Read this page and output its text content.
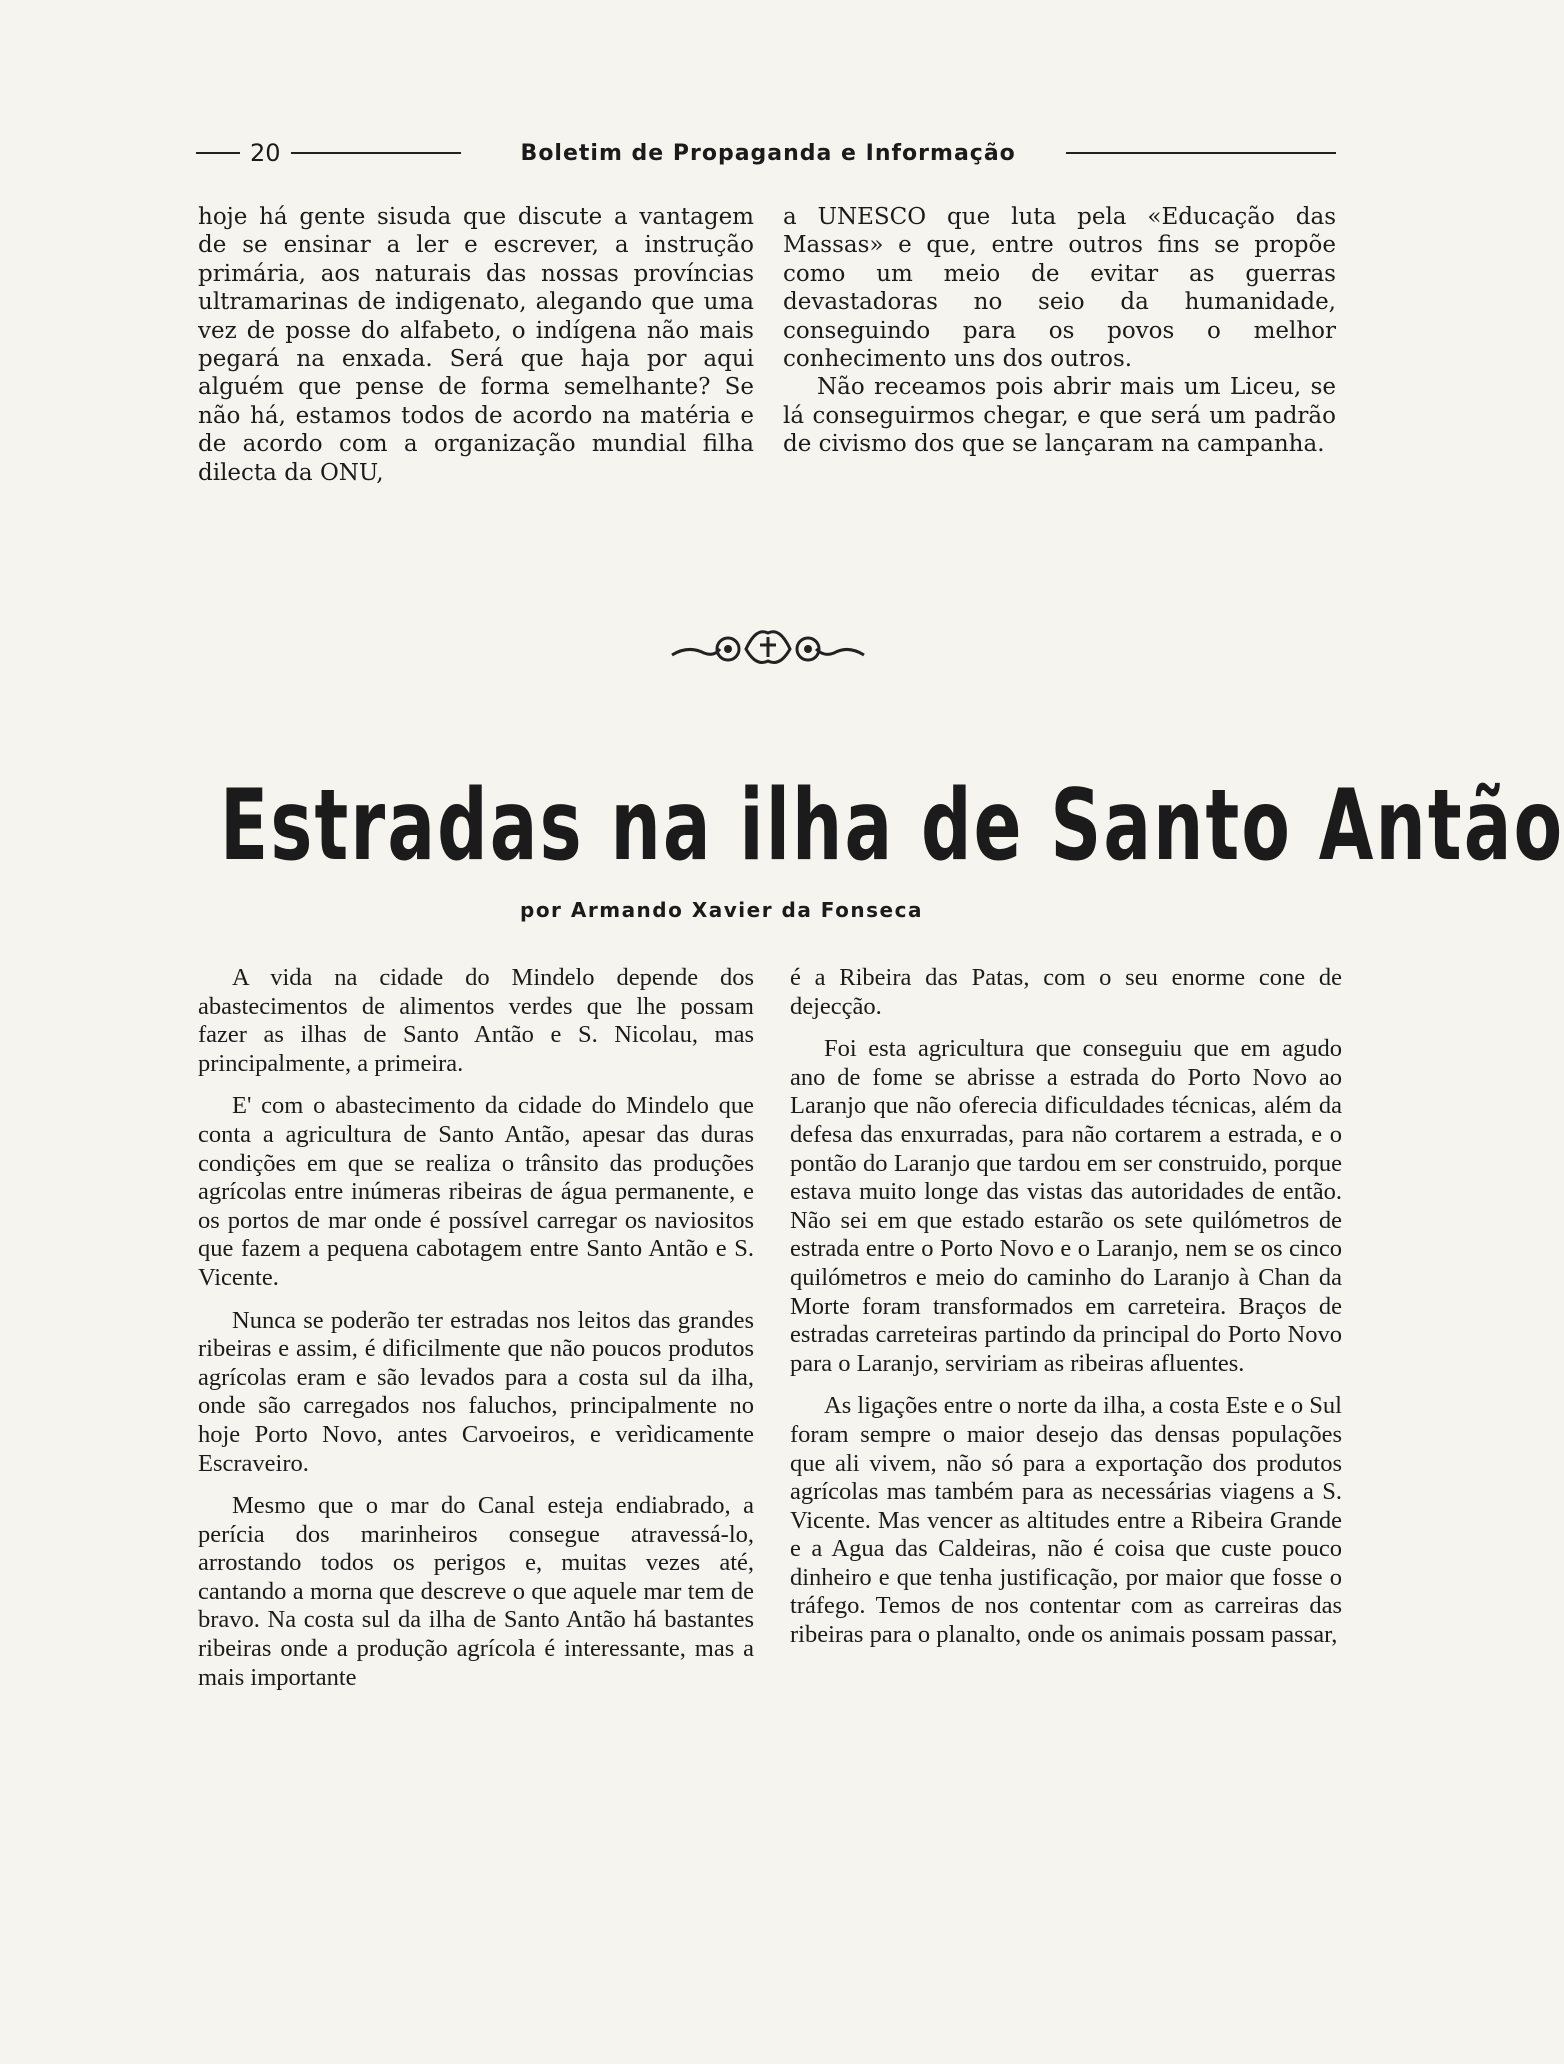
20	Boletim de Propaganda e Informação

hoje há gente sisuda que discute a vantagem de se ensinar a ler e escrever, a instrução primária, aos naturais das nossas províncias ultramarinas de indigenato, alegando que uma vez de posse do alfabeto, o indígena não mais pegará na enxada. Será que haja por aqui alguém que pense de forma semelhante? Se não há, estamos todos de acordo na matéria e de acordo com a organização mundial filha dilecta da ONU,

a UNESCO que luta pela «Educação das Massas» e que, entre outros fins se propõe como um meio de evitar as guerras devastadoras no seio da humanidade, conseguindo para os povos o melhor conhecimento uns dos outros.

Não receamos pois abrir mais um Liceu, se lá conseguirmos chegar, e que será um padrão de civismo dos que se lançaram na campanha.

Estradas na ilha de Santo Antão
por Armando Xavier da Fonseca

A vida na cidade do Mindelo depende dos abastecimentos de alimentos verdes que lhe possam fazer as ilhas de Santo Antão e S. Nicolau, mas principalmente, a primeira.

E' com o abastecimento da cidade do Mindelo que conta a agricultura de Santo Antão, apesar das duras condições em que se realiza o trânsito das produções agrícolas entre inúmeras ribeiras de água permanente, e os portos de mar onde é possível carregar os naviositos que fazem a pequena cabotagem entre Santo Antão e S. Vicente.

Nunca se poderão ter estradas nos leitos das grandes ribeiras e assim, é dificilmente que não poucos produtos agrícolas eram e são levados para a costa sul da ilha, onde são carregados nos faluchos, principalmente no hoje Porto Novo, antes Carvoeiros, e verìdicamente Escraveiro.

Mesmo que o mar do Canal esteja endiabrado, a perícia dos marinheiros consegue atravessá-lo, arrostando todos os perigos e, muitas vezes até, cantando a morna que descreve o que aquele mar tem de bravo. Na costa sul da ilha de Santo Antão há bastantes ribeiras onde a produção agrícola é interessante, mas a mais importante

é a Ribeira das Patas, com o seu enorme cone de dejecção.

Foi esta agricultura que conseguiu que em agudo ano de fome se abrisse a estrada do Porto Novo ao Laranjo que não oferecia dificuldades técnicas, além da defesa das enxurradas, para não cortarem a estrada, e o pontão do Laranjo que tardou em ser construido, porque estava muito longe das vistas das autoridades de então. Não sei em que estado estarão os sete quilómetros de estrada entre o Porto Novo e o Laranjo, nem se os cinco quilómetros e meio do caminho do Laranjo à Chan da Morte foram transformados em carreteira. Braços de estradas carreteiras partindo da principal do Porto Novo para o Laranjo, serviriam as ribeiras afluentes.

As ligações entre o norte da ilha, a costa Este e o Sul foram sempre o maior desejo das densas populações que ali vivem, não só para a exportação dos produtos agrícolas mas também para as necessárias viagens a S. Vicente. Mas vencer as altitudes entre a Ribeira Grande e a Agua das Caldeiras, não é coisa que custe pouco dinheiro e que tenha justificação, por maior que fosse o tráfego. Temos de nos contentar com as carreiras das ribeiras para o planalto, onde os animais possam passar,
